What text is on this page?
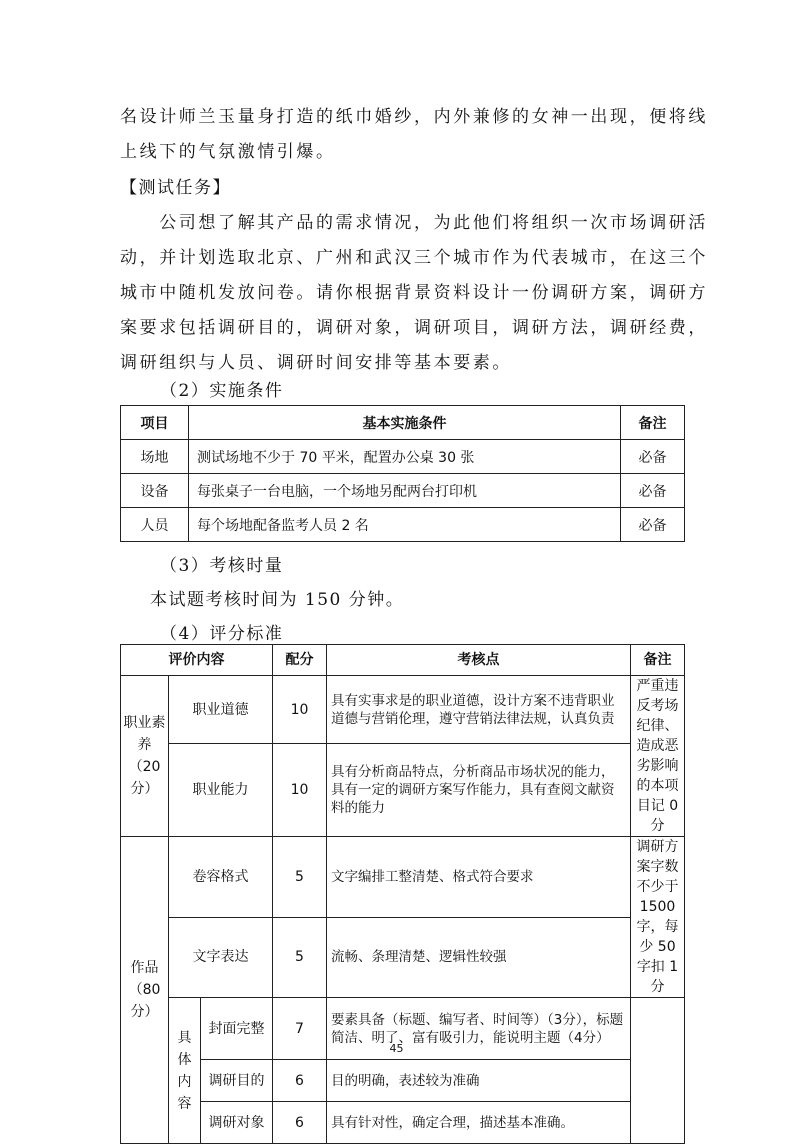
名设计师兰玉量身打造的纸巾婚纱，内外兼修的女神一出现，便将线
上线下的气氛激情引爆。
【测试任务】
　　公司想了解其产品的需求情况，为此他们将组织一次市场调研活
动，并计划选取北京、广州和武汉三个城市作为代表城市，在这三个
城市中随机发放问卷。请你根据背景资料设计一份调研方案，调研方
案要求包括调研目的，调研对象，调研项目，调研方法，调研经费，
调研组织与人员、调研时间安排等基本要素。
（2）实施条件
项目	基本实施条件	备注
场地	测试场地不少于 70 平米，配置办公桌 30 张	必备
设备	每张桌子一台电脑，一个场地另配两台打印机	必备
人员	每个场地配备监考人员 2 名	必备
（3）考核时量
本试题考核时间为 150 分钟。
（4）评分标准
评价内容			配分	考核点	备注
职业素养（20分）	职业道德		10	具有实事求是的职业道德，设计方案不违背职业道德与营销伦理，遵守营销法律法规，认真负责	严重违反考场纪律、造成恶劣影响的本项目记 0 分
	职业能力		10	具有分析商品特点，分析商品市场状况的能力，具有一定的调研方案写作能力，具有查阅文献资料的能力	
作品（80分）	卷容格式		5	文字编排工整清楚、格式符合要求	调研方案字数不少于 1500 字，每少 50 字扣 1 分
	文字表达		5	流畅、条理清楚、逻辑性较强	
	具体内容	封面完整	7	要素具备（标题、编写者、时间等）（3分），标题简洁、明了、富有吸引力，能说明主题（4分）	
		调研目的	6	目的明确，表述较为准确	
		调研对象	6	具有针对性，确定合理，描述基本准确。	
45
